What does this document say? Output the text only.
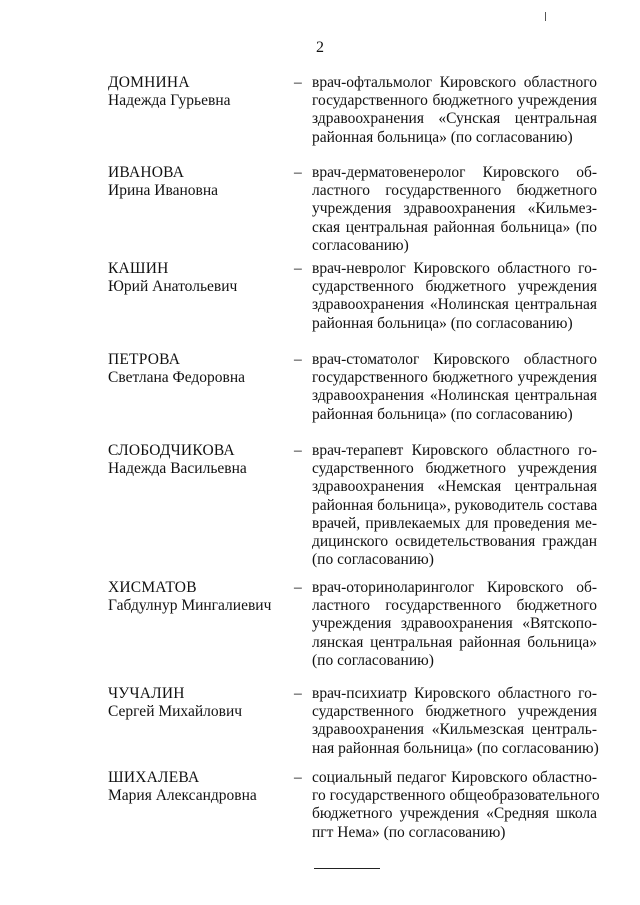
2
ДОМНИНА
Надежда Гурьевна
– врач-офтальмолог Кировского областного
государственного бюджетного учреждения
здравоохранения «Сунская центральная
районная больница» (по согласованию)
ИВАНОВА
Ирина Ивановна
– врач-дерматовенеролог Кировского об-
ластного государственного бюджетного
учреждения здравоохранения «Кильмез-
ская центральная районная больница» (по
согласованию)
КАШИН
Юрий Анатольевич
– врач-невролог Кировского областного го-
сударственного бюджетного учреждения
здравоохранения «Нолинская центральная
районная больница» (по согласованию)
ПЕТРОВА
Светлана Федоровна
– врач-стоматолог Кировского областного
государственного бюджетного учреждения
здравоохранения «Нолинская центральная
районная больница» (по согласованию)
СЛОБОДЧИКОВА
Надежда Васильевна
– врач-терапевт Кировского областного го-
сударственного бюджетного учреждения
здравоохранения «Немская центральная
районная больница», руководитель состава
врачей, привлекаемых для проведения ме-
дицинского освидетельствования граждан
(по согласованию)
ХИСМАТОВ
Габдулнур Мингалиевич
– врач-оториноларинголог Кировского об-
ластного государственного бюджетного
учреждения здравоохранения «Вятскопо-
лянская центральная районная больница»
(по согласованию)
ЧУЧАЛИН
Сергей Михайлович
– врач-психиатр Кировского областного го-
сударственного бюджетного учреждения
здравоохранения «Кильмезская централь-
ная районная больница» (по согласованию)
ШИХАЛЕВА
Мария Александровна
– социальный педагог Кировского областно-
го государственного общеобразовательного
бюджетного учреждения «Средняя школа
пгт Нема» (по согласованию)
